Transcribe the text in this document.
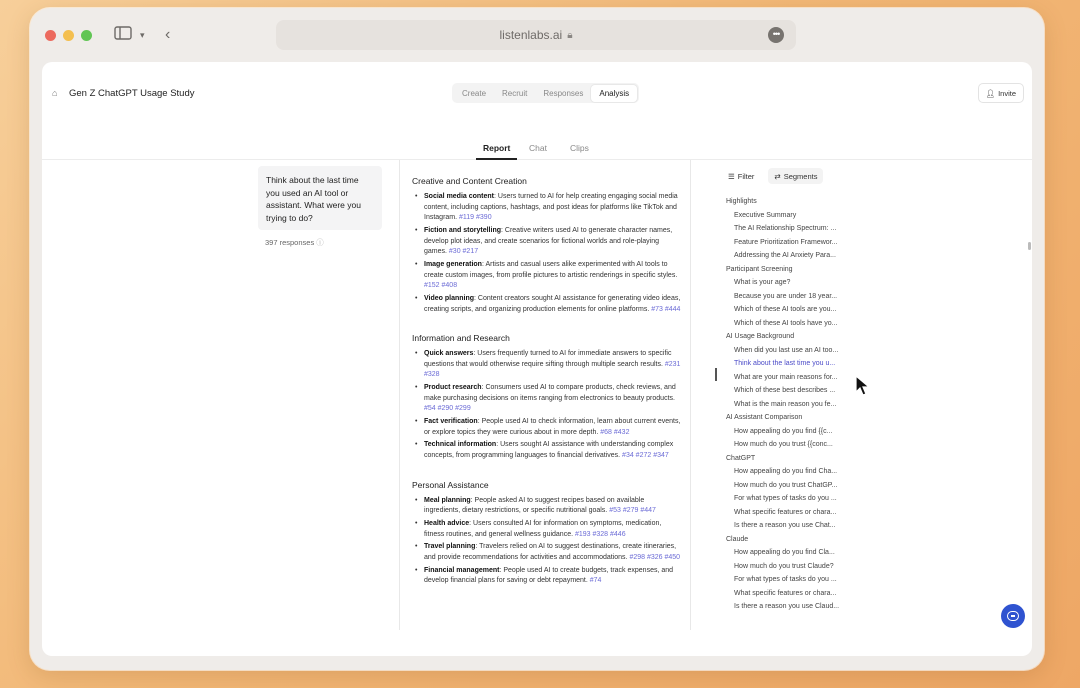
▾ ‹	listenlabs.ai 🔒︎	•••
⌂ Gen Z ChatGPT Usage Study	Create	Recruit	Responses	Analysis	👤︎ Invite
Report Chat	Clips
Think about the last time you used an AI tool or assistant. What were you trying to do?
397 responses ⓘ
Creative and Content Creation
• Social media content: Users turned to AI for help creating engaging social media content, including captions, hashtags, and post ideas for platforms like TikTok and Instagram. #119 #390
• Fiction and storytelling: Creative writers used AI to generate character names, develop plot ideas, and create scenarios for fictional worlds and role-playing games. #30 #217
• Image generation: Artists and casual users alike experimented with AI tools to create custom images, from profile pictures to artistic renderings in specific styles. #152 #408
• Video planning: Content creators sought AI assistance for generating video ideas, creating scripts, and organizing production elements for online platforms. #73 #444
Information and Research
• Quick answers: Users frequently turned to AI for immediate answers to specific questions that would otherwise require sifting through multiple search results. #231 #328
• Product research: Consumers used AI to compare products, check reviews, and make purchasing decisions on items ranging from electronics to beauty products. #54 #290 #299
• Fact verification: People used AI to check information, learn about current events, or explore topics they were curious about in more depth. #68 #432
• Technical information: Users sought AI assistance with understanding complex concepts, from programming languages to financial derivatives. #34 #272 #347
Personal Assistance
• Meal planning: People asked AI to suggest recipes based on available ingredients, dietary restrictions, or specific nutritional goals. #53 #279 #447
• Health advice: Users consulted AI for information on symptoms, medication, fitness routines, and general wellness guidance. #193 #328 #446
• Travel planning: Travelers relied on AI to suggest destinations, create itineraries, and provide recommendations for activities and accommodations. #298 #326 #450
• Financial management: People used AI to create budgets, track expenses, and develop financial plans for saving or debt repayment. #74
☰ Filter	⇄ Segments
Highlights
Executive Summary
The AI Relationship Spectrum: ...
Feature Prioritization Framewor...
Addressing the AI Anxiety Para...
Participant Screening
What is your age?
Because you are under 18 year...
Which of these AI tools are you...
Which of these AI tools have yo...
AI Usage Background
When did you last use an AI too...
Think about the last time you u...
What are your main reasons for...
Which of these best describes ...
What is the main reason you fe...
AI Assistant Comparison
How appealing do you find {{c...
How much do you trust {{conc...
ChatGPT
How appealing do you find Cha...
How much do you trust ChatGP...
For what types of tasks do you ...
What specific features or chara...
Is there a reason you use Chat...
Claude
How appealing do you find Cla...
How much do you trust Claude?
For what types of tasks do you ...
What specific features or chara...
Is there a reason you use Claud...
